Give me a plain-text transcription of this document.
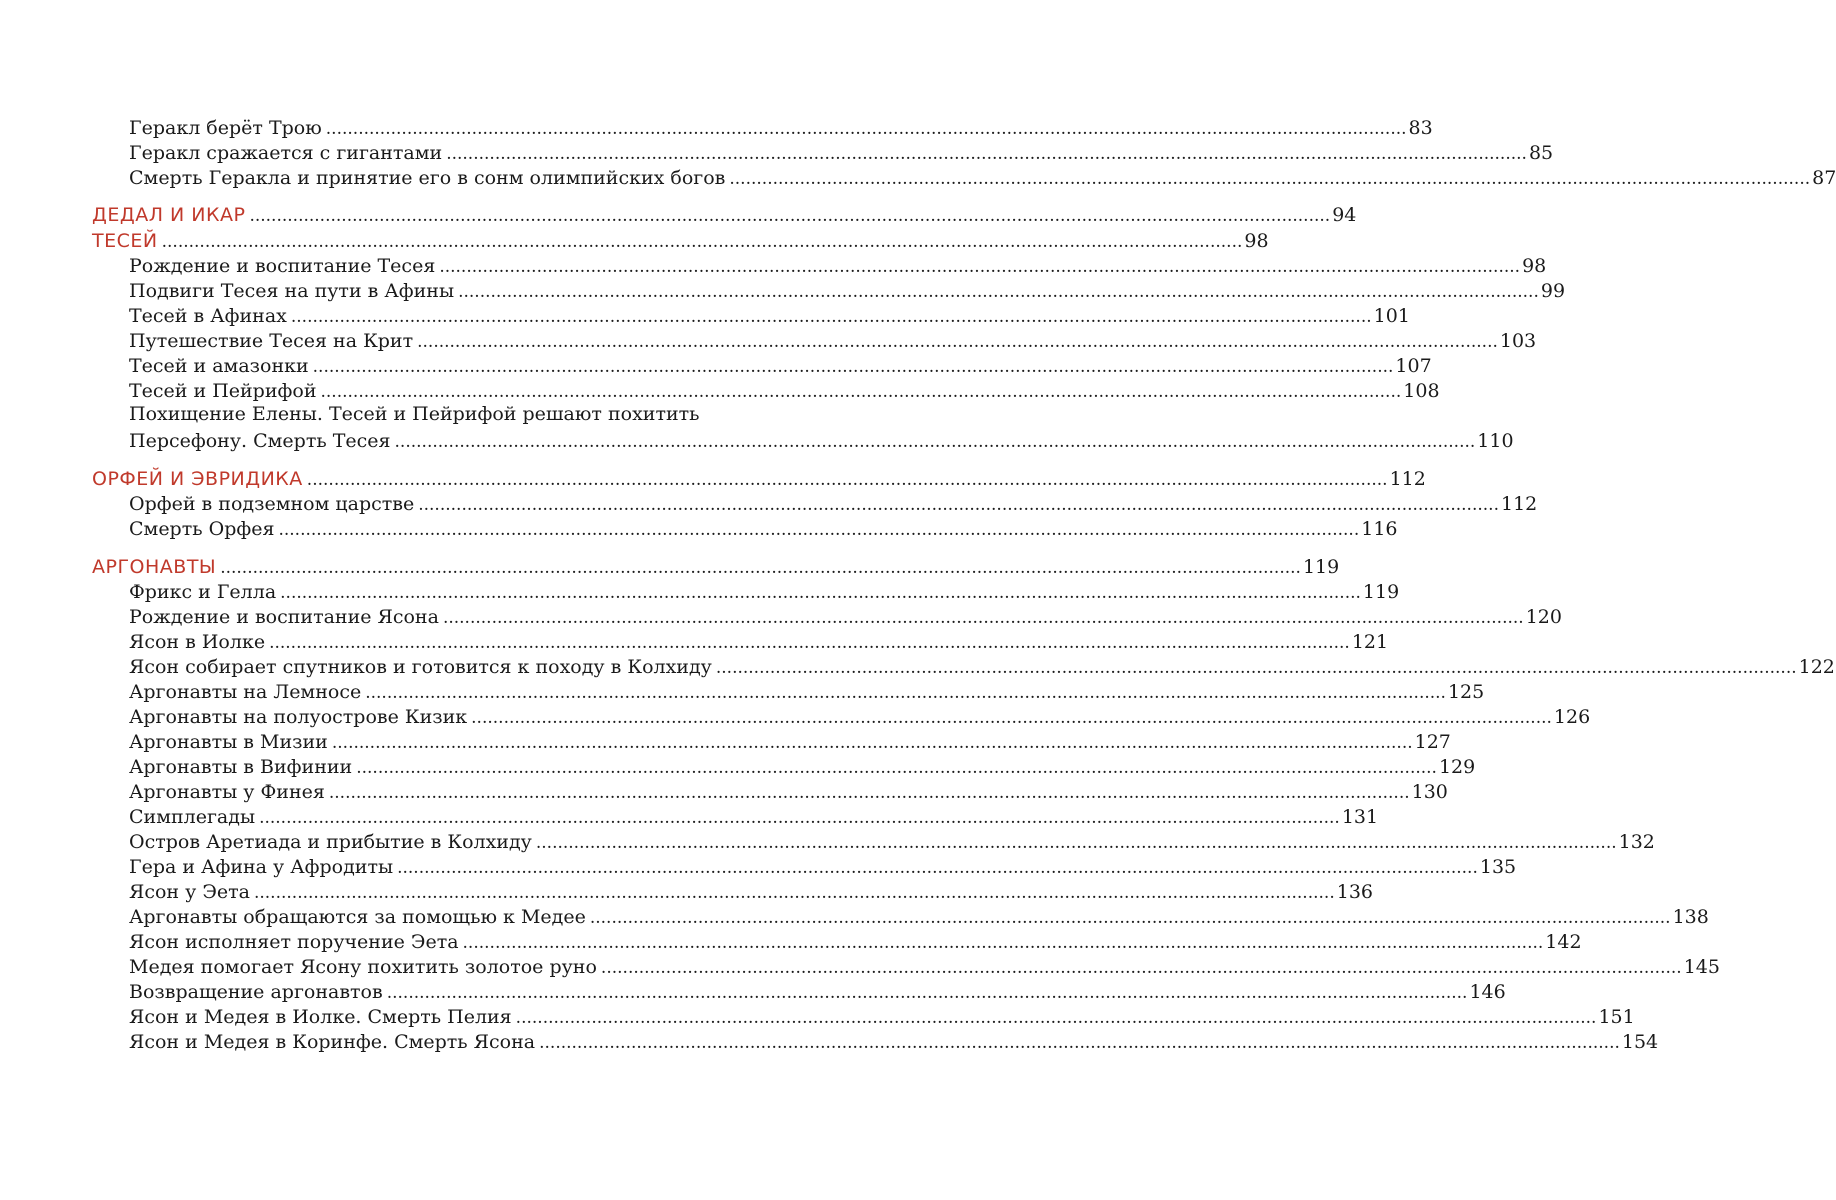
Геракл берёт Трою ........................................................................................................................................................................................................ 83
Геракл сражается с гигантами ........................................................................................................................................................................................................ 85
Смерть Геракла и принятие его в сонм олимпийских богов ........................................................................................................................................................................................................ 87
ДЕДАЛ И ИКАР ........................................................................................................................................................................................................ 94
ТЕСЕЙ ........................................................................................................................................................................................................ 98
Рождение и воспитание Тесея ........................................................................................................................................................................................................ 98
Подвиги Тесея на пути в Афины ........................................................................................................................................................................................................ 99
Тесей в Афинах ........................................................................................................................................................................................................ 101
Путешествие Тесея на Крит ........................................................................................................................................................................................................ 103
Тесей и амазонки ........................................................................................................................................................................................................ 107
Тесей и Пейрифой ........................................................................................................................................................................................................ 108
Похищение Елены. Тесей и Пейрифой решают похитить
Персефону. Смерть Тесея ........................................................................................................................................................................................................ 110
ОРФЕЙ И ЭВРИДИКА ........................................................................................................................................................................................................ 112
Орфей в подземном царстве ........................................................................................................................................................................................................ 112
Смерть Орфея ........................................................................................................................................................................................................ 116
АРГОНАВТЫ ........................................................................................................................................................................................................ 119
Фрикс и Гелла ........................................................................................................................................................................................................ 119
Рождение и воспитание Ясона ........................................................................................................................................................................................................ 120
Ясон в Иолке ........................................................................................................................................................................................................ 121
Ясон собирает спутников и готовится к походу в Колхиду ........................................................................................................................................................................................................ 122
Аргонавты на Лемносе ........................................................................................................................................................................................................ 125
Аргонавты на полуострове Кизик ........................................................................................................................................................................................................ 126
Аргонавты в Мизии ........................................................................................................................................................................................................ 127
Аргонавты в Вифинии ........................................................................................................................................................................................................ 129
Аргонавты у Финея ........................................................................................................................................................................................................ 130
Симплегады ........................................................................................................................................................................................................ 131
Остров Аретиада и прибытие в Колхиду ........................................................................................................................................................................................................ 132
Гера и Афина у Афродиты ........................................................................................................................................................................................................ 135
Ясон у Эета ........................................................................................................................................................................................................ 136
Аргонавты обращаются за помощью к Медее ........................................................................................................................................................................................................ 138
Ясон исполняет поручение Эета ........................................................................................................................................................................................................ 142
Медея помогает Ясону похитить золотое руно ........................................................................................................................................................................................................ 145
Возвращение аргонавтов ........................................................................................................................................................................................................ 146
Ясон и Медея в Иолке. Смерть Пелия ........................................................................................................................................................................................................ 151
Ясон и Медея в Коринфе. Смерть Ясона ........................................................................................................................................................................................................ 154
